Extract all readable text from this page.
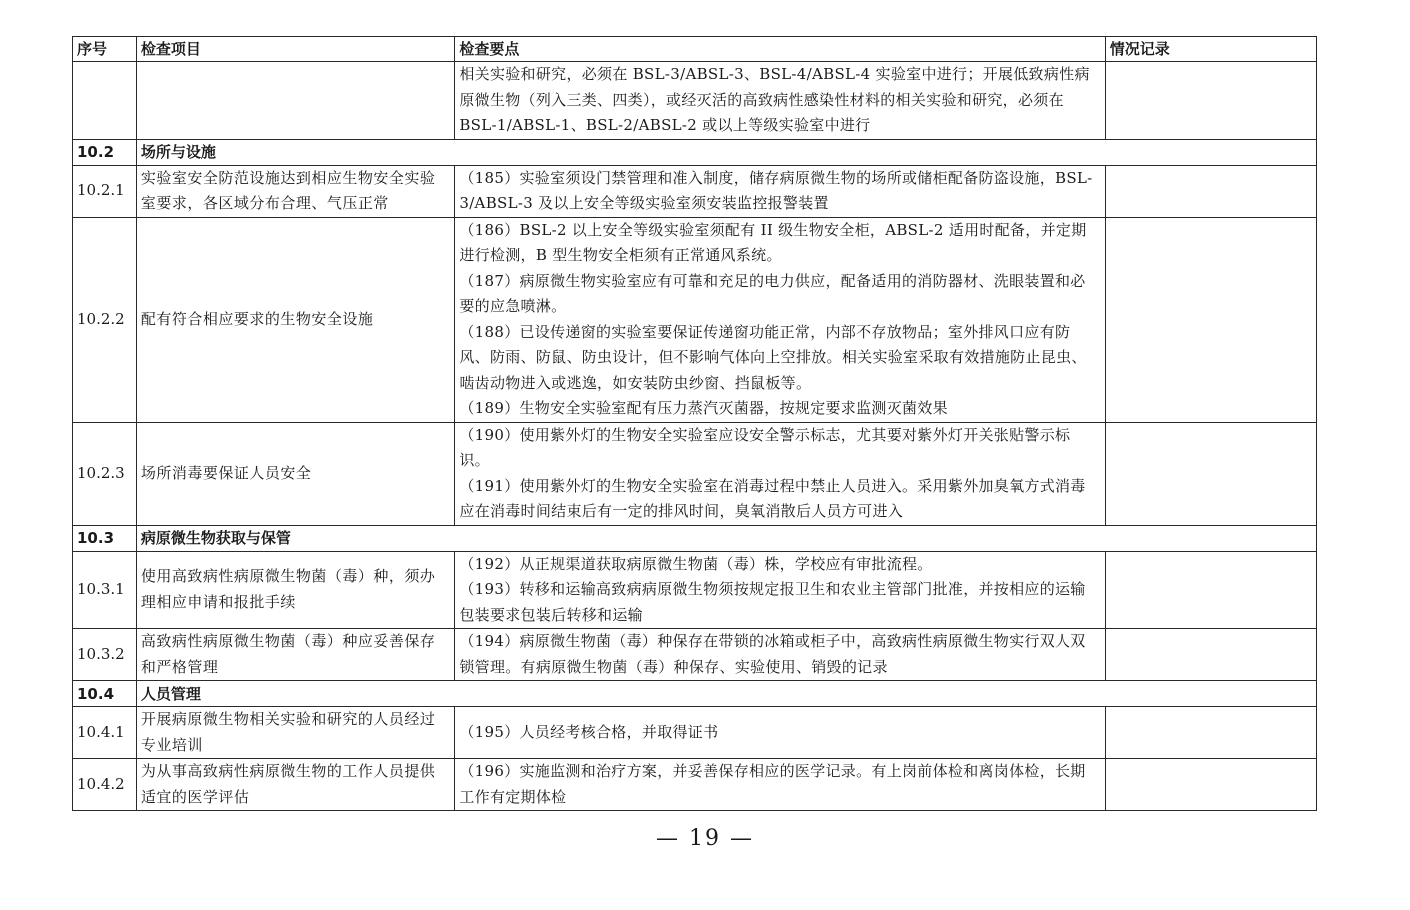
序号	检查项目	检查要点	情况记录

		相关实验和研究，必须在 BSL-3/ABSL-3、BSL-4/ABSL-4 实验室中进行；开展低致病性病原微生物（列入三类、四类），或经灭活的高致病性感染性材料的相关实验和研究，必须在 BSL-1/ABSL-1、BSL-2/ABSL-2 或以上等级实验室中进行	

10.2	场所与设施		
10.2.1	实验室安全防范设施达到相应生物安全实验室要求，各区域分布合理、气压正常	（185）实验室须设门禁管理和准入制度，储存病原微生物的场所或储柜配备防盗设施，BSL-3/ABSL-3 及以上安全等级实验室须安装监控报警装置	

10.2.2	配有符合相应要求的生物安全设施	（186）BSL-2 以上安全等级实验室须配有 II 级生物安全柜，ABSL-2 适用时配备，并定期进行检测，B 型生物安全柜须有正常通风系统。
（187）病原微生物实验室应有可靠和充足的电力供应，配备适用的消防器材、洗眼装置和必要的应急喷淋。
（188）已设传递窗的实验室要保证传递窗功能正常，内部不存放物品；室外排风口应有防风、防雨、防鼠、防虫设计，但不影响气体向上空排放。相关实验室采取有效措施防止昆虫、啮齿动物进入或逃逸，如安装防虫纱窗、挡鼠板等。
（189）生物安全实验室配有压力蒸汽灭菌器，按规定要求监测灭菌效果	

10.2.3	场所消毒要保证人员安全	（190）使用紫外灯的生物安全实验室应设安全警示标志，尤其要对紫外灯开关张贴警示标识。
（191）使用紫外灯的生物安全实验室在消毒过程中禁止人员进入。采用紫外加臭氧方式消毒应在消毒时间结束后有一定的排风时间，臭氧消散后人员方可进入	

10.3	病原微生物获取与保管		
10.3.1	使用高致病性病原微生物菌（毒）种，须办理相应申请和报批手续	（192）从正规渠道获取病原微生物菌（毒）株，学校应有审批流程。
（193）转移和运输高致病病原微生物须按规定报卫生和农业主管部门批准，并按相应的运输包装要求包装后转移和运输	

10.3.2	高致病性病原微生物菌（毒）种应妥善保存和严格管理	（194）病原微生物菌（毒）种保存在带锁的冰箱或柜子中，高致病性病原微生物实行双人双锁管理。有病原微生物菌（毒）种保存、实验使用、销毁的记录	

10.4	人员管理		
10.4.1	开展病原微生物相关实验和研究的人员经过专业培训	（195）人员经考核合格，并取得证书	

10.4.2	为从事高致病性病原微生物的工作人员提供适宜的医学评估	（196）实施监测和治疗方案，并妥善保存相应的医学记录。有上岗前体检和离岗体检，长期工作有定期体检	

— 19 —
